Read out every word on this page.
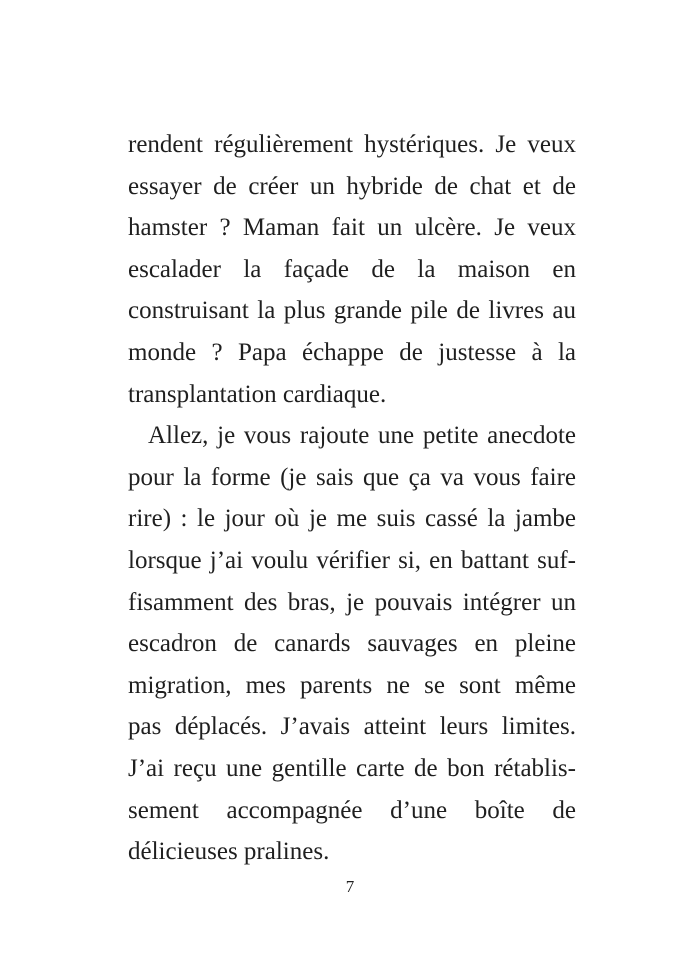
rendent régulièrement hystériques. Je veux
essayer de créer un hybride de chat et de
hamster ? Maman fait un ulcère. Je veux
escalader la façade de la maison en
construisant la plus grande pile de livres au
monde ? Papa échappe de justesse à la
transplantation cardiaque.
Allez, je vous rajoute une petite anecdote
pour la forme (je sais que ça va vous faire
rire) : le jour où je me suis cassé la jambe
lorsque j’ai voulu vérifier si, en battant suf-
fisamment des bras, je pouvais intégrer un
escadron de canards sauvages en pleine
migration, mes parents ne se sont même
pas déplacés. J’avais atteint leurs limites.
J’ai reçu une gentille carte de bon rétablis-
sement accompagnée d’une boîte de
délicieuses pralines.
7
